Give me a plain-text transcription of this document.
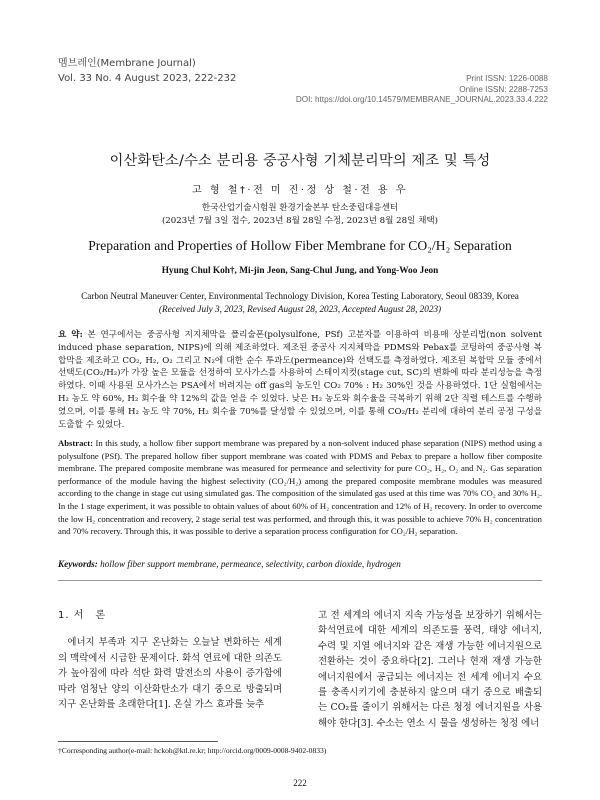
멤브레인(Membrane Journal)
Vol. 33 No. 4 August 2023, 222-232	Print ISSN: 1226-0088
Online ISSN: 2288-7253
DOI: https://doi.org/10.14579/MEMBRANE_JOURNAL.2023.33.4.222
이산화탄소/수소 분리용 중공사형 기체분리막의 제조 및 특성
고 형 철†·전 미 진·정 상 철·전 용 우
한국산업기술시험원 환경기술본부 탄소중립대응센터
(2023년 7월 3일 접수, 2023년 8월 28일 수정, 2023년 8월 28일 채택)
Preparation and Properties of Hollow Fiber Membrane for CO₂/H₂ Separation
Hyung Chul Koh†, Mi-jin Jeon, Sang-Chul Jung, and Yong-Woo Jeon
Carbon Neutral Maneuver Center, Environmental Technology Division, Korea Testing Laboratory, Seoul 08339, Korea
(Received July 3, 2023, Revised August 28, 2023, Accepted August 28, 2023)
요 약: 본 연구에서는 중공사형 지지체막을 폴리술폰(polysulfone, PSf) 고분자를 이용하여 비용매 상분리법(non solvent induced phase separation, NIPS)에 의해 제조하였다. 제조된 중공사 지지체막을 PDMS와 Pebax를 코팅하여 중공사형 복합막을 제조하고 CO₂, H₂, O₂ 그리고 N₂에 대한 순수 투과도(permeance)와 선택도를 측정하였다. 제조된 복합막 모듈 중에서 선택도(CO₂/H₂)가 가장 높은 모듈을 선정하여 모사가스를 사용하여 스테이지컷(stage cut, SC)의 변화에 따라 분리성능을 측정하였다. 이때 사용된 모사가스는 PSA에서 버려지는 off gas의 농도인 CO₂ 70% : H₂ 30%인 것을 사용하였다. 1단 실험에서는 H₂ 농도 약 60%, H₂ 회수율 약 12%의 값을 얻을 수 있었다. 낮은 H₂ 농도와 회수율을 극복하기 위해 2단 직렬 테스트를 수행하였으며, 이를 통해 H₂ 농도 약 70%, H₂ 회수율 70%를 달성할 수 있었으며, 이를 통해 CO₂/H₂ 분리에 대하여 분리 공정 구성을 도출할 수 있었다.
Abstract: In this study, a hollow fiber support membrane was prepared by a non-solvent induced phase separation (NIPS) method using a polysulfone (PSf). The prepared hollow fiber support membrane was coated with PDMS and Pebax to prepare a hollow fiber composite membrane. The prepared composite membrane was measured for permeance and selectivity for pure CO₂, H₂, O₂ and N₂. Gas separation performance of the module having the highest selectivity (CO₂/H₂) among the prepared composite membrane modules was measured according to the change in stage cut using simulated gas. The composition of the simulated gas used at this time was 70% CO₂ and 30% H₂. In the 1 stage experiment, it was possible to obtain values of about 60% of H₂ concentration and 12% of H₂ recovery. In order to overcome the low H₂ concentration and recovery, 2 stage serial test was performed, and through this, it was possible to achieve 70% H₂ concentration and 70% recovery. Through this, it was possible to derive a separation process configuration for CO₂/H₂ separation.
Keywords: hollow fiber support membrane, permeance, selectivity, carbon dioxide, hydrogen
1. 서　론
에너지 부족과 지구 온난화는 오늘날 변화하는 세계의 맥락에서 시급한 문제이다. 화석 연료에 대한 의존도가 높아짐에 따라 석탄 화력 발전소의 사용이 증가함에 따라 엄청난 양의 이산화탄소가 대기 중으로 방출되며 지구 온난화를 초래한다[1]. 온실 가스 효과를 늦추
고 전 세계의 에너지 지속 가능성을 보장하기 위해서는 화석연료에 대한 세계의 의존도를 풍력, 태양 에너지, 수력 및 지열 에너지와 같은 재생 가능한 에너지원으로 전환하는 것이 중요하다[2]. 그러나 현재 재생 가능한 에너지원에서 공급되는 에너지는 전 세계 에너지 수요를 충족시키기에 충분하지 않으며 대기 중으로 배출되는 CO₂를 줄이기 위해서는 다른 청정 에너지원을 사용해야 한다[3]. 수소는 연소 시 물을 생성하는 청정 에너
†Corresponding author(e-mail: hckoh@ktl.re.kr; http://orcid.org/0009-0008-9402-0833)
222
